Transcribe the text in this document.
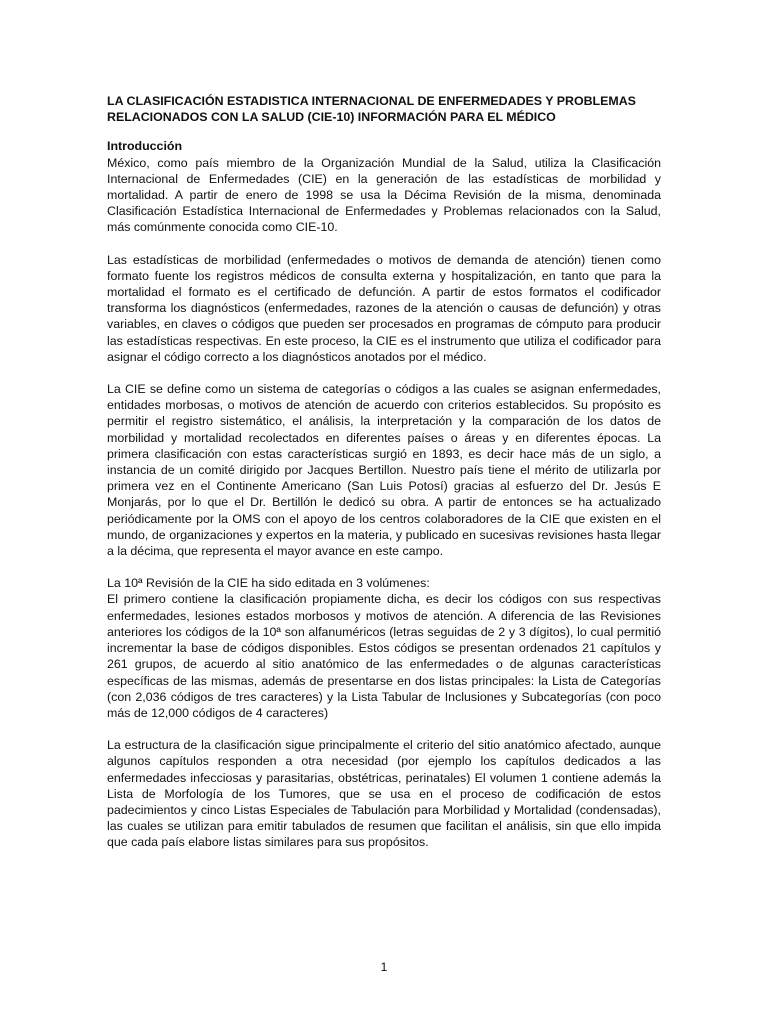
LA CLASIFICACIÓN ESTADISTICA INTERNACIONAL DE ENFERMEDADES Y PROBLEMAS RELACIONADOS CON LA SALUD (CIE-10) INFORMACIÓN PARA EL MÉDICO

Introducción

México, como país miembro de la Organización Mundial de la Salud, utiliza la Clasificación Internacional de Enfermedades (CIE) en la generación de las estadísticas de morbilidad y mortalidad. A partir de enero de 1998 se usa la Décima Revisión de la misma, denominada Clasificación Estadística Internacional de Enfermedades y Problemas relacionados con la Salud, más comúnmente conocida como CIE-10.

Las estadísticas de morbilidad (enfermedades o motivos de demanda de atención) tienen como formato fuente los registros médicos de consulta externa y hospitalización, en tanto que para la mortalidad el formato es el certificado de defunción. A partir de estos formatos el codificador transforma los diagnósticos (enfermedades, razones de la atención o causas de defunción) y otras variables, en claves o códigos que pueden ser procesados en programas de cómputo para producir las estadísticas respectivas. En este proceso, la CIE es el instrumento que utiliza el codificador para asignar el código correcto a los diagnósticos anotados por el médico.

La CIE se define como un sistema de categorías o códigos a las cuales se asignan enfermedades, entidades morbosas, o motivos de atención de acuerdo con criterios establecidos. Su propósito es permitir el registro sistemático, el análisis, la interpretación y la comparación de los datos de morbilidad y mortalidad recolectados en diferentes países o áreas y en diferentes épocas. La primera clasificación con estas características surgió en 1893, es decir hace más de un siglo, a instancia de un comité dirigido por Jacques Bertillon. Nuestro país tiene el mérito de utilizarla por primera vez en el Continente Americano (San Luis Potosí) gracias al esfuerzo del Dr. Jesús E Monjarás, por lo que el Dr. Bertillón le dedicó su obra. A partir de entonces se ha actualizado periódicamente por la OMS con el apoyo de los centros colaboradores de la CIE que existen en el mundo, de organizaciones y expertos en la materia, y publicado en sucesivas revisiones hasta llegar a la décima, que representa el mayor avance en este campo.

La 10ª Revisión de la CIE ha sido editada en 3 volúmenes:

El primero contiene la clasificación propiamente dicha, es decir los códigos con sus respectivas enfermedades, lesiones estados morbosos y motivos de atención. A diferencia de las Revisiones anteriores los códigos de la 10ª son alfanuméricos (letras seguidas de 2 y 3 dígitos), lo cual permitió incrementar la base de códigos disponibles. Estos códigos se presentan ordenados 21 capítulos y 261 grupos, de acuerdo al sitio anatómico de las enfermedades o de algunas características específicas de las mismas, además de presentarse en dos listas principales: la Lista de Categorías (con 2,036 códigos de tres caracteres) y la Lista Tabular de Inclusiones y Subcategorías (con poco más de 12,000 códigos de 4 caracteres)

La estructura de la clasificación sigue principalmente el criterio del sitio anatómico afectado, aunque algunos capítulos responden a otra necesidad (por ejemplo los capítulos dedicados a las enfermedades infecciosas y parasitarias, obstétricas, perinatales) El volumen 1 contiene además la Lista de Morfología de los Tumores, que se usa en el proceso de codificación de estos padecimientos y cinco Listas Especiales de Tabulación para Morbilidad y Mortalidad (condensadas), las cuales se utilizan para emitir tabulados de resumen que facilitan el análisis, sin que ello impida que cada país elabore listas similares para sus propósitos.

1
